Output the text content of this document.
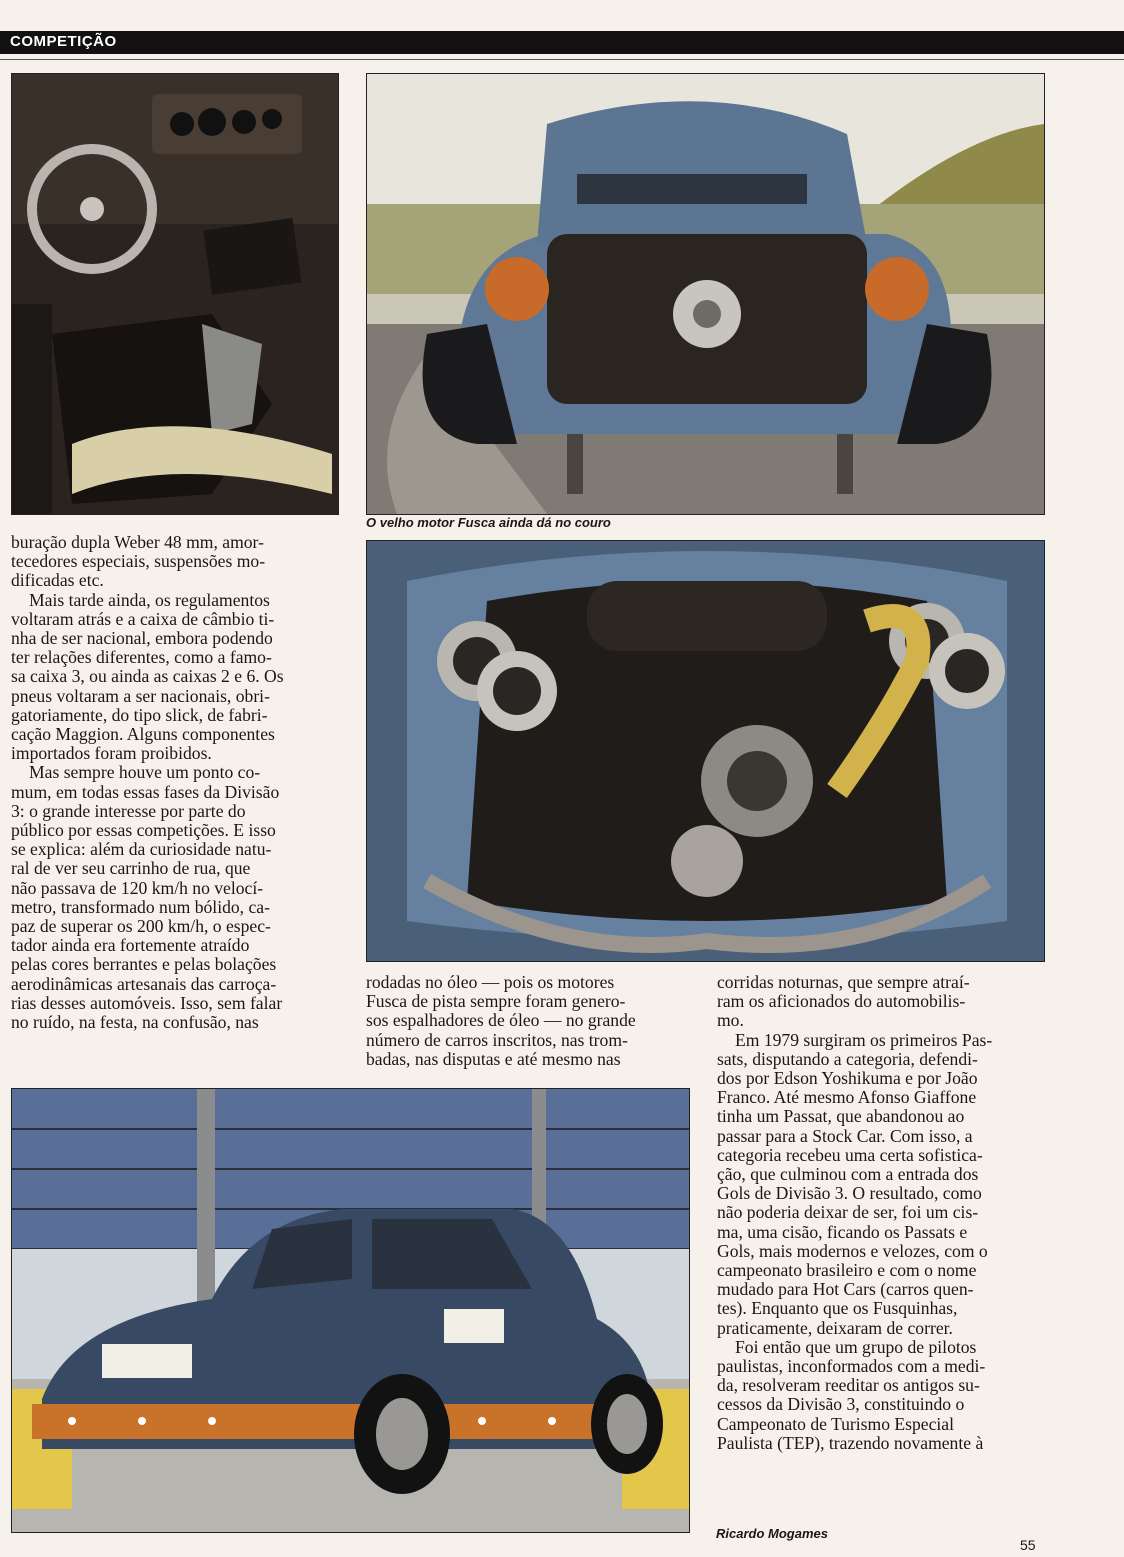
COMPETIÇÃO
O velho motor Fusca ainda dá no couro
buração dupla Weber 48 mm, amor-
tecedores especiais, suspensões mo-
dificadas etc.
Mais tarde ainda, os regulamentos
voltaram atrás e a caixa de câmbio ti-
nha de ser nacional, embora podendo
ter relações diferentes, como a famo-
sa caixa 3, ou ainda as caixas 2 e 6. Os
pneus voltaram a ser nacionais, obri-
gatoriamente, do tipo slick, de fabri-
cação Maggion. Alguns componentes
importados foram proibidos.
Mas sempre houve um ponto co-
mum, em todas essas fases da Divisão
3: o grande interesse por parte do
público por essas competições. E isso
se explica: além da curiosidade natu-
ral de ver seu carrinho de rua, que
não passava de 120 km/h no velocí-
metro, transformado num bólido, ca-
paz de superar os 200 km/h, o espec-
tador ainda era fortemente atraído
pelas cores berrantes e pelas bolações
aerodinâmicas artesanais das carroça-
rias desses automóveis. Isso, sem falar
no ruído, na festa, na confusão, nas
rodadas no óleo — pois os motores
Fusca de pista sempre foram genero-
sos espalhadores de óleo — no grande
número de carros inscritos, nas trom-
badas, nas disputas e até mesmo nas
corridas noturnas, que sempre atraí-
ram os aficionados do automobilis-
mo.
Em 1979 surgiram os primeiros Pas-
sats, disputando a categoria, defendi-
dos por Edson Yoshikuma e por João
Franco. Até mesmo Afonso Giaffone
tinha um Passat, que abandonou ao
passar para a Stock Car. Com isso, a
categoria recebeu uma certa sofistica-
ção, que culminou com a entrada dos
Gols de Divisão 3. O resultado, como
não poderia deixar de ser, foi um cis-
ma, uma cisão, ficando os Passats e
Gols, mais modernos e velozes, com o
campeonato brasileiro e com o nome
mudado para Hot Cars (carros quen-
tes). Enquanto que os Fusquinhas,
praticamente, deixaram de correr.
Foi então que um grupo de pilotos
paulistas, inconformados com a medi-
da, resolveram reeditar os antigos su-
cessos da Divisão 3, constituindo o
Campeonato de Turismo Especial
Paulista (TEP), trazendo novamente à
Ricardo Mogames
55
